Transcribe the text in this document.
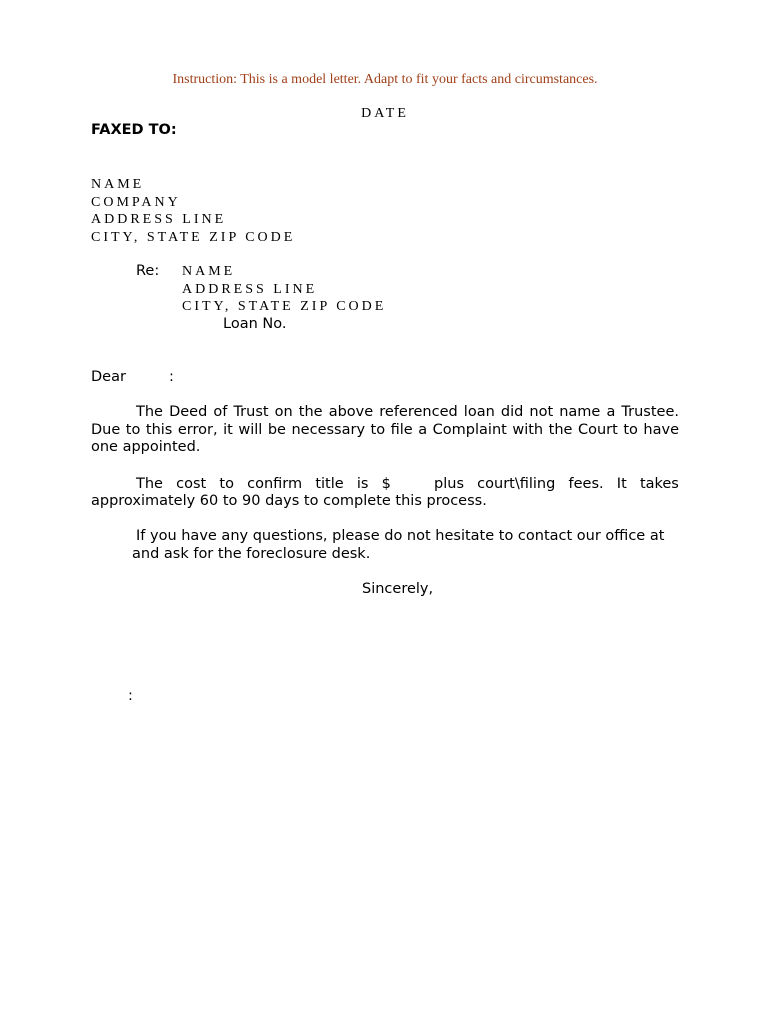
Instruction: This is a model letter. Adapt to fit your facts and circumstances.
DATE
FAXED TO:
NAME
COMPANY
ADDRESS LINE
CITY, STATE ZIP CODE
Re: NAME
ADDRESS LINE
CITY, STATE ZIP CODE
Loan No.
Dear	:
The Deed of Trust on the above referenced loan did not name a Trustee. Due to this error, it will be necessary to file a Complaint with the Court to have one appointed.
The cost to confirm title is $	plus court\filing fees. It takes
approximately 60 to 90 days to complete this process.
If you have any questions, please do not hesitate to contact our office at
and ask for the foreclosure desk.
Sincerely,
:
